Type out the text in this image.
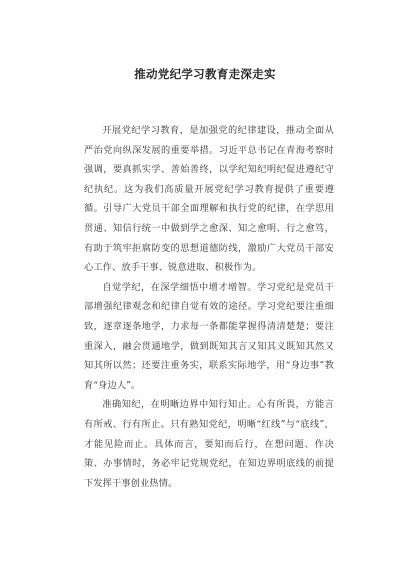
推动党纪学习教育走深走实

开展党纪学习教育，是加强党的纪律建设，推动全面从严治党向纵深发展的重要举措。习近平总书记在青海考察时强调，要真抓实学、善始善终，以学纪知纪明纪促进遵纪守纪执纪。这为我们高质量开展党纪学习教育提供了重要遵循。引导广大党员干部全面理解和执行党的纪律，在学思用贯通、知信行统一中做到学之愈深、知之愈明、行之愈笃，有助于筑牢拒腐防变的思想道德防线，激励广大党员干部安心工作、放手干事、锐意进取、积极作为。

自觉学纪，在深学细悟中增才增智。学习党纪是党员干部增强纪律观念和纪律自觉有效的途径。学习党纪要注重细致，逐章逐条地学，力求每一条都能掌握得清清楚楚；要注重深入，融会贯通地学，做到既知其言又知其义既知其然又知其所以然；还要注重务实，联系实际地学，用“身边事”教育“身边人”。

准确知纪，在明晰边界中知行知止。心有所畏，方能言有所戒、行有所止。只有熟知党纪，明晰“红线”与“底线”，才能见险而止。具体而言，要知而后行，在想问题、作决策、办事情时，务必牢记党规党纪，在知边界明底线的前提下发挥干事创业热情。
